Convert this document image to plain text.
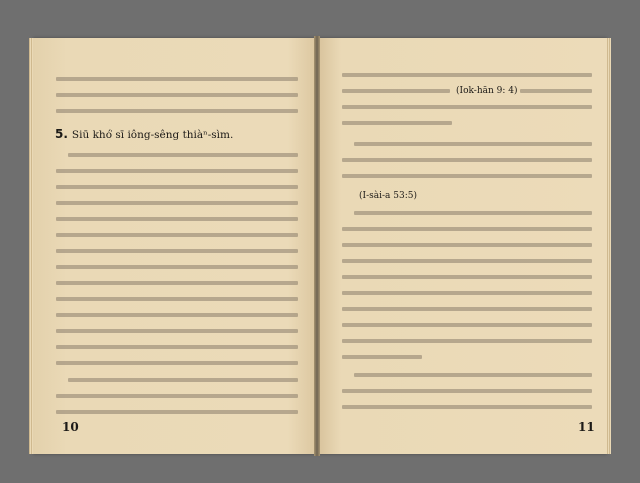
5. Siū khó͘ sī iông-sêng thiàⁿ-sìm.
10
(Iok-hān 9: 4)
(I-sài-a 53:5)
11
